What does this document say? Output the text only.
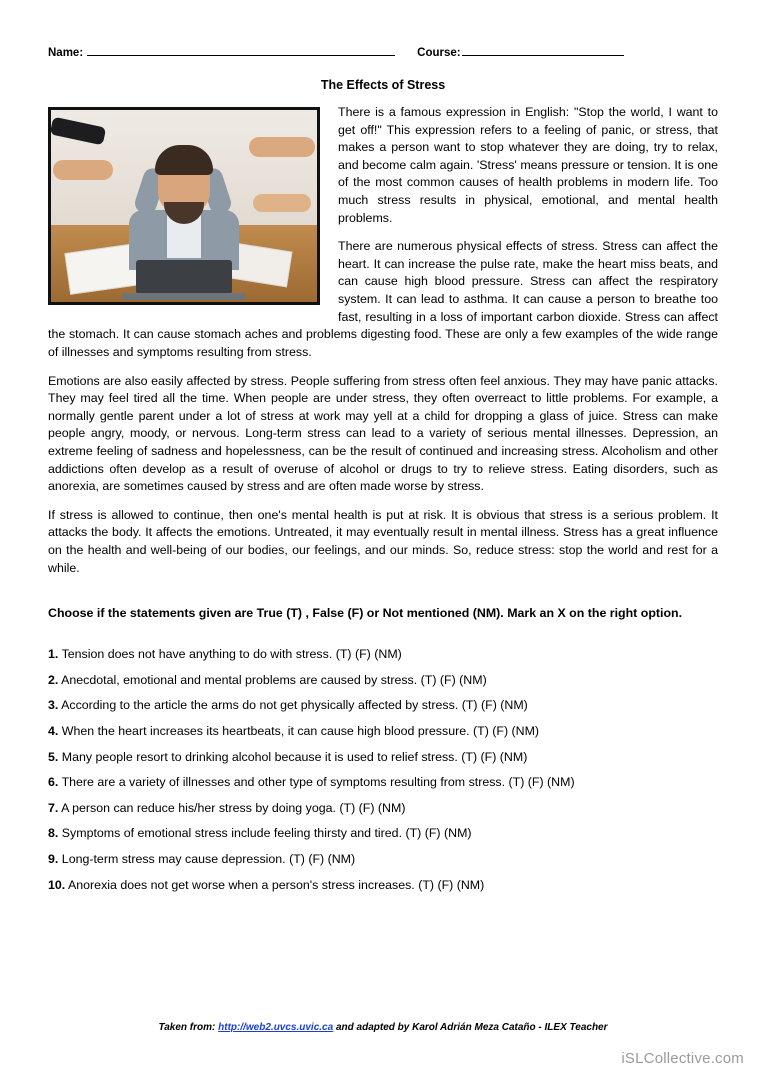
Name:	Course:
The Effects of Stress

There is a famous expression in English: "Stop the world, I want to get off!" This expression refers to a feeling of panic, or stress, that makes a person want to stop whatever they are doing, try to relax, and become calm again. 'Stress' means pressure or tension. It is one of the most common causes of health problems in modern life. Too much stress results in physical, emotional, and mental health problems.

There are numerous physical effects of stress. Stress can affect the heart. It can increase the pulse rate, make the heart miss beats, and can cause high blood pressure. Stress can affect the respiratory system. It can lead to asthma. It can cause a person to breathe too fast, resulting in a loss of important carbon dioxide. Stress can affect the stomach. It can cause stomach aches and problems digesting food. These are only a few examples of the wide range of illnesses and symptoms resulting from stress.

Emotions are also easily affected by stress. People suffering from stress often feel anxious. They may have panic attacks. They may feel tired all the time. When people are under stress, they often overreact to little problems. For example, a normally gentle parent under a lot of stress at work may yell at a child for dropping a glass of juice. Stress can make people angry, moody, or nervous. Long-term stress can lead to a variety of serious mental illnesses. Depression, an extreme feeling of sadness and hopelessness, can be the result of continued and increasing stress. Alcoholism and other addictions often develop as a result of overuse of alcohol or drugs to try to relieve stress. Eating disorders, such as anorexia, are sometimes caused by stress and are often made worse by stress.

If stress is allowed to continue, then one's mental health is put at risk. It is obvious that stress is a serious problem. It attacks the body. It affects the emotions. Untreated, it may eventually result in mental illness. Stress has a great influence on the health and well-being of our bodies, our feelings, and our minds. So, reduce stress: stop the world and rest for a while.

Choose if the statements given are True (T) , False (F) or Not mentioned (NM). Mark an X on the right option.
1. Tension does not have anything to do with stress. (T) (F) (NM)
2. Anecdotal, emotional and mental problems are caused by stress. (T) (F) (NM)
3. According to the article the arms do not get physically affected by stress. (T) (F) (NM)
4. When the heart increases its heartbeats, it can cause high blood pressure. (T) (F) (NM)
5. Many people resort to drinking alcohol because it is used to relief stress. (T) (F) (NM)
6. There are a variety of illnesses and other type of symptoms resulting from stress. (T) (F) (NM)
7. A person can reduce his/her stress by doing yoga. (T) (F) (NM)
8. Symptoms of emotional stress include feeling thirsty and tired. (T) (F) (NM)
9. Long-term stress may cause depression. (T) (F) (NM)
10. Anorexia does not get worse when a person's stress increases. (T) (F) (NM)
Taken from: http://web2.uvcs.uvic.ca and adapted by Karol Adrián Meza Cataño - ILEX Teacher
iSLCollective.com
